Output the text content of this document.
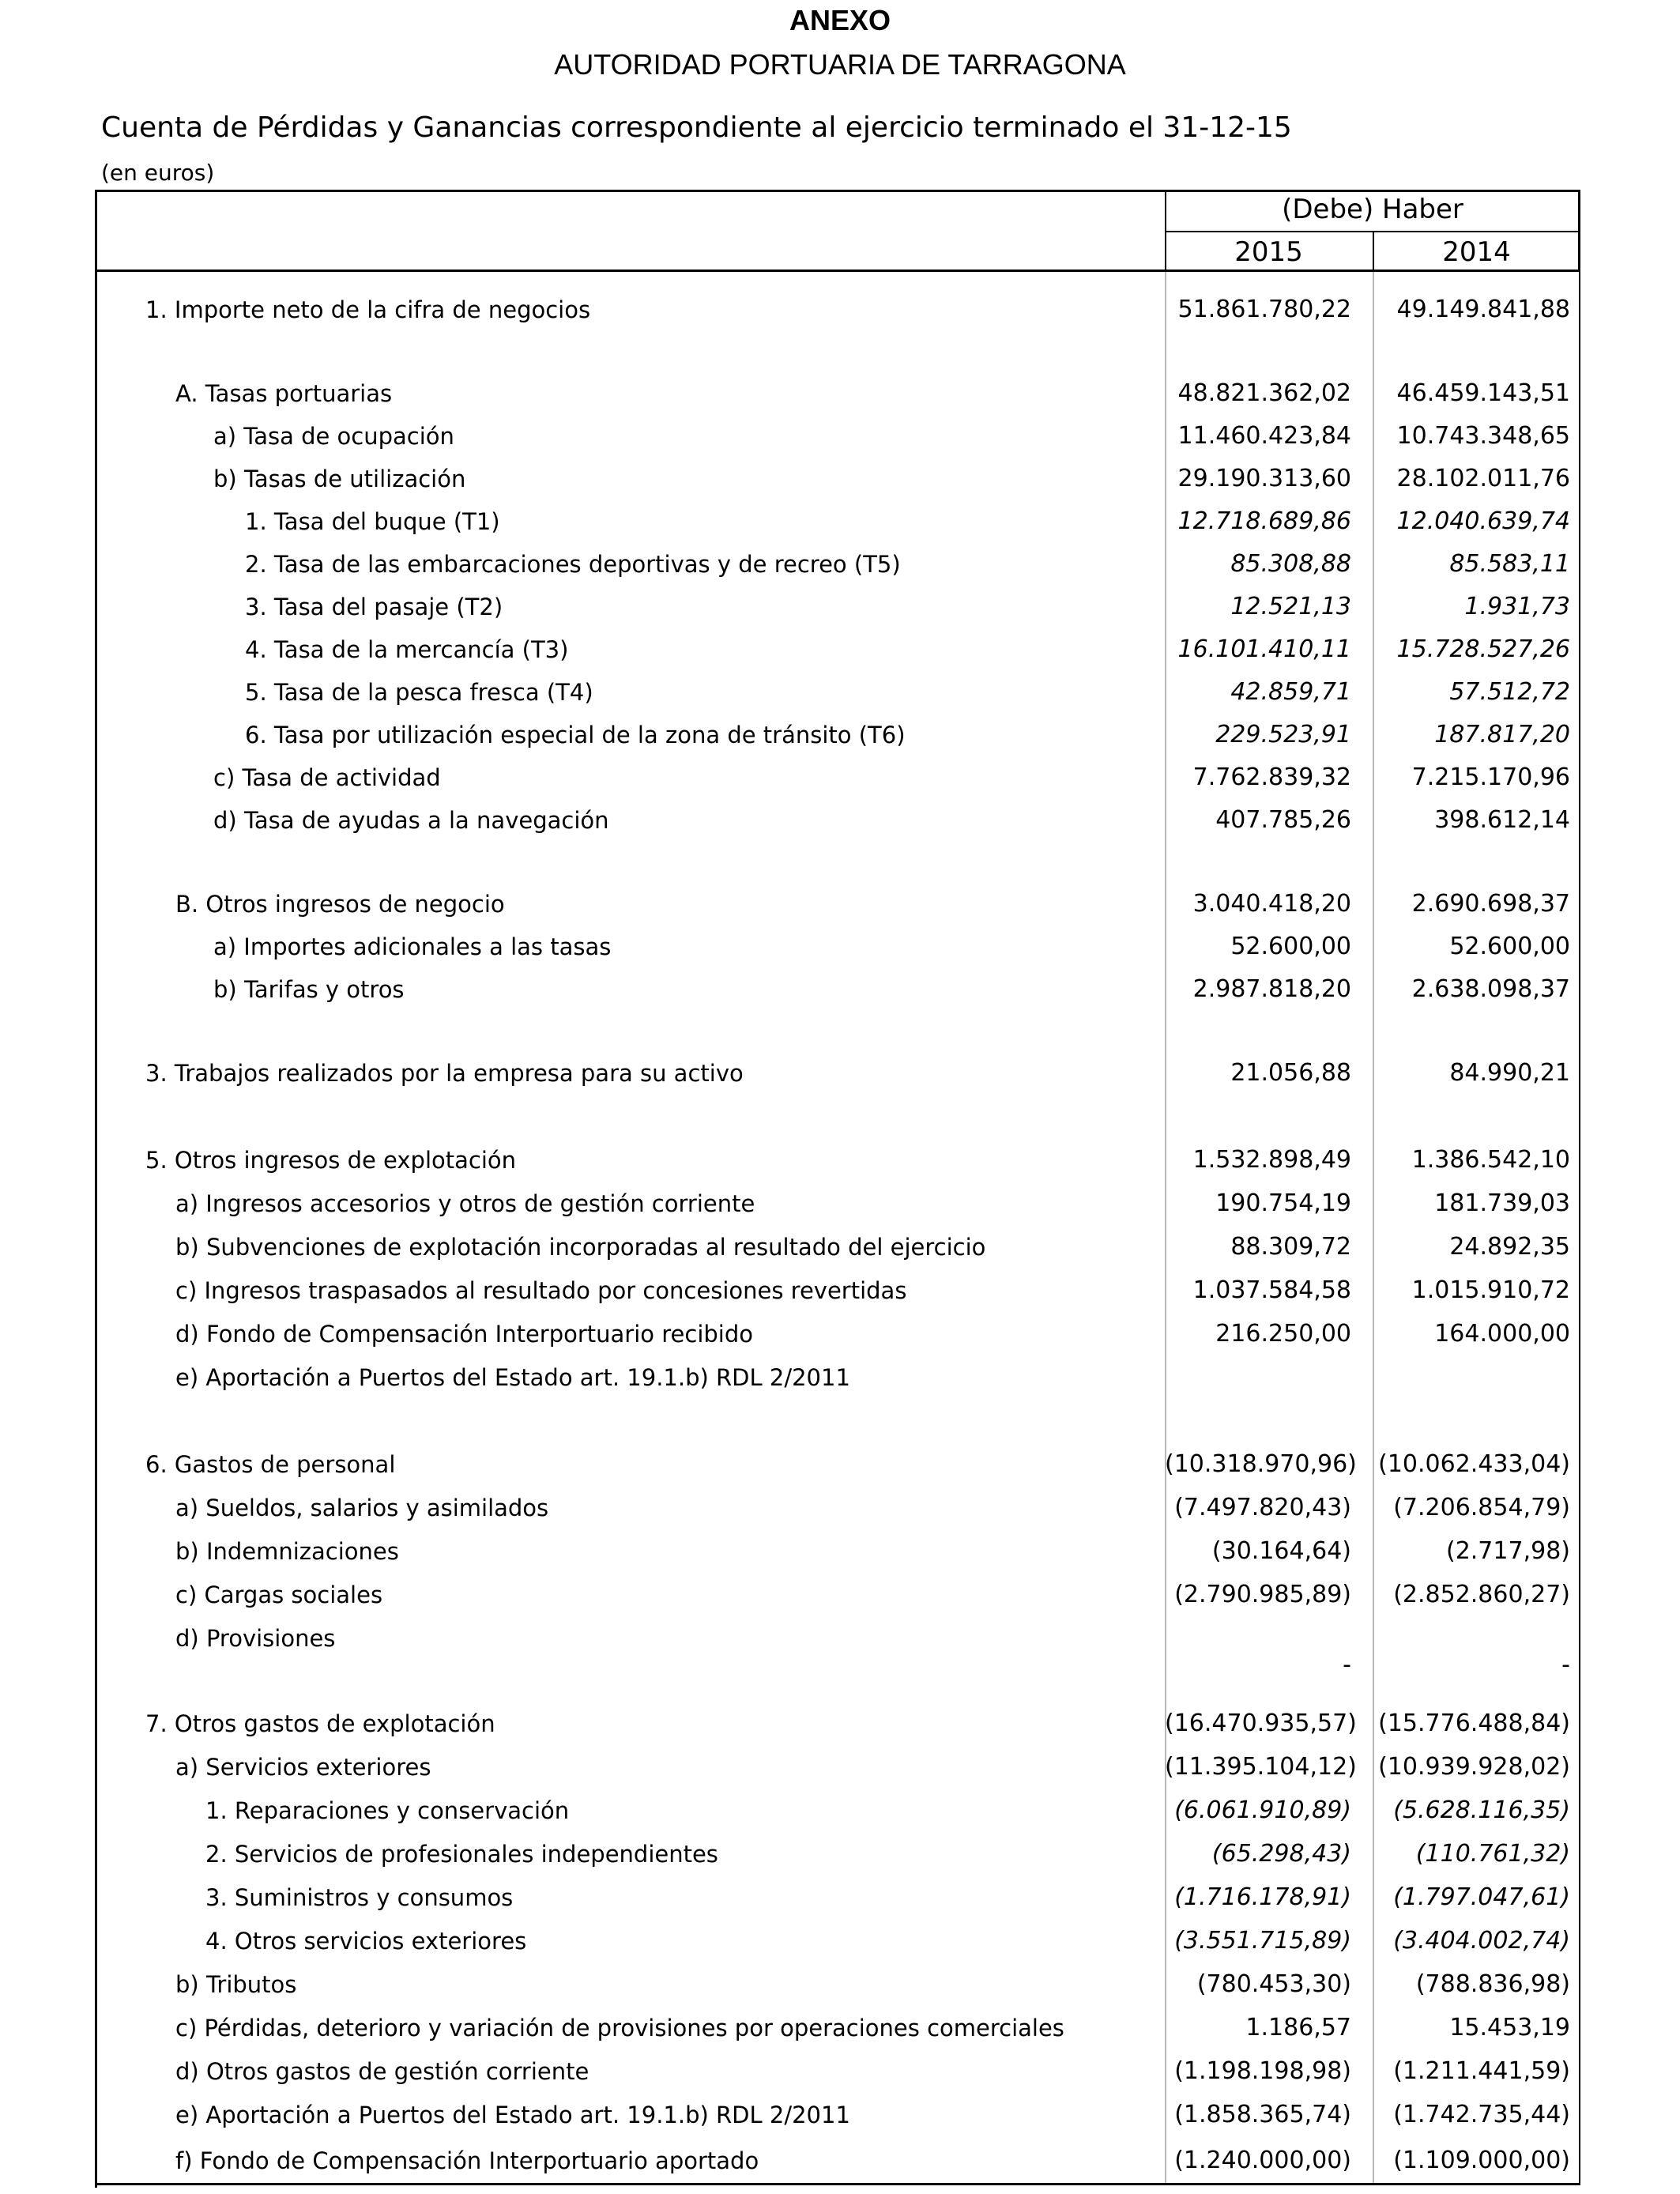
ANEXO
AUTORIDAD PORTUARIA DE TARRAGONA
Cuenta de Pérdidas y Ganancias correspondiente al ejercicio terminado el 31-12-15
(en euros)
(Debe) Haber
2015	2014
1. Importe neto de la cifra de negocios	51.861.780,22	49.149.841,88
A. Tasas portuarias	48.821.362,02	46.459.143,51
a) Tasa de ocupación	11.460.423,84	10.743.348,65
b) Tasas de utilización	29.190.313,60	28.102.011,76
1. Tasa del buque (T1)	12.718.689,86	12.040.639,74
2. Tasa de las embarcaciones deportivas y de recreo (T5)	85.308,88	85.583,11
3. Tasa del pasaje (T2)	12.521,13	1.931,73
4. Tasa de la mercancía (T3)	16.101.410,11	15.728.527,26
5. Tasa de la pesca fresca (T4)	42.859,71	57.512,72
6. Tasa por utilización especial de la zona de tránsito (T6)	229.523,91	187.817,20
c) Tasa de actividad	7.762.839,32	7.215.170,96
d) Tasa de ayudas a la navegación	407.785,26	398.612,14
B. Otros ingresos de negocio	3.040.418,20	2.690.698,37
a) Importes adicionales a las tasas	52.600,00	52.600,00
b) Tarifas y otros	2.987.818,20	2.638.098,37
3. Trabajos realizados por la empresa para su activo	21.056,88	84.990,21
5. Otros ingresos de explotación	1.532.898,49	1.386.542,10
a) Ingresos accesorios y otros de gestión corriente	190.754,19	181.739,03
b) Subvenciones de explotación incorporadas al resultado del ejercicio	88.309,72	24.892,35
c) Ingresos traspasados al resultado por concesiones revertidas	1.037.584,58	1.015.910,72
d) Fondo de Compensación Interportuario recibido	216.250,00	164.000,00
e) Aportación a Puertos del Estado art. 19.1.b) RDL 2/2011
6. Gastos de personal	(10.318.970,96) (10.062.433,04)
a) Sueldos, salarios y asimilados	(7.497.820,43)	(7.206.854,79)
b) Indemnizaciones	(30.164,64)	(2.717,98)
c) Cargas sociales	(2.790.985,89)	(2.852.860,27)
d) Provisiones
-	-
7. Otros gastos de explotación	(16.470.935,57) (15.776.488,84)
a) Servicios exteriores	(11.395.104,12) (10.939.928,02)
1. Reparaciones y conservación	(6.061.910,89)	(5.628.116,35)
2. Servicios de profesionales independientes	(65.298,43)	(110.761,32)
3. Suministros y consumos	(1.716.178,91)	(1.797.047,61)
4. Otros servicios exteriores	(3.551.715,89)	(3.404.002,74)
b) Tributos	(780.453,30)	(788.836,98)
c) Pérdidas, deterioro y variación de provisiones por operaciones comerciales	1.186,57	15.453,19
d) Otros gastos de gestión corriente	(1.198.198,98)	(1.211.441,59)
e) Aportación a Puertos del Estado art. 19.1.b) RDL 2/2011	(1.858.365,74)	(1.742.735,44)
f) Fondo de Compensación Interportuario aportado	(1.240.000,00)	(1.109.000,00)
